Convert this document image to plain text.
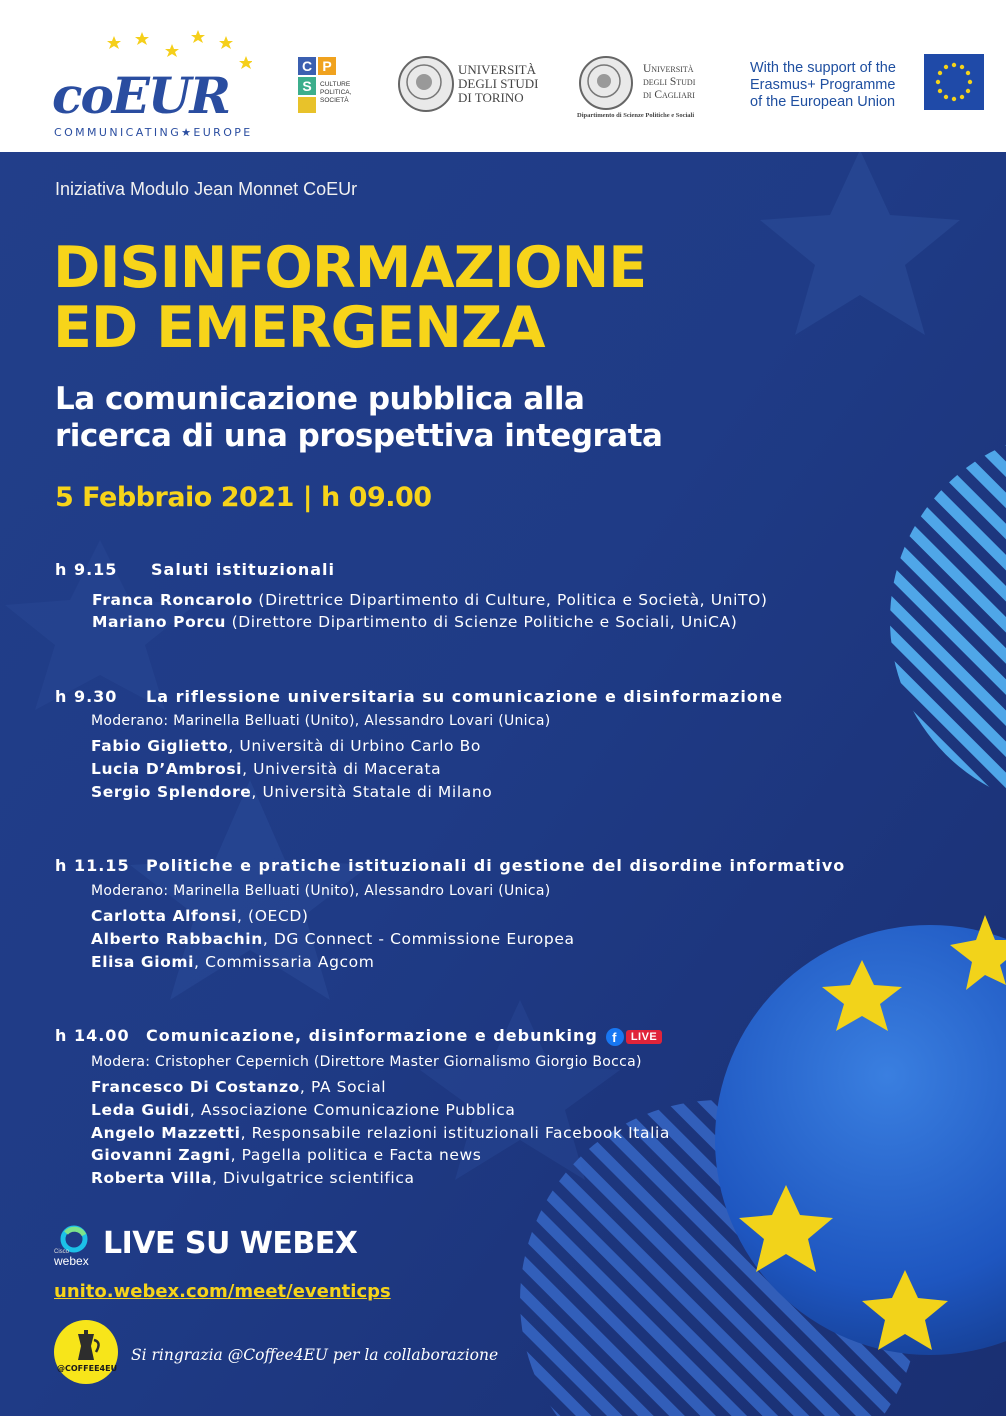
coEUR
COMMUNICATING★EUROPE
C P
S	CULTURE
POLITICA,
SOCIETÀ
UNIVERSITÀ
DEGLI STUDI
DI TORINO
Università
degli Studi
di Cagliari
Dipartimento di Scienze Politiche e Sociali
With the support of the
Erasmus+ Programme
of the European Union
Iniziativa Modulo Jean Monnet CoEUr
DISINFORMAZIONE
ED EMERGENZA
La comunicazione pubblica alla
ricerca di una prospettiva integrata
5 Febbraio 2021 | h 09.00
h 9.15 Saluti istituzionali
Franca Roncarolo (Direttrice Dipartimento di Culture, Politica e Società, UniTO)
Mariano Porcu (Direttore Dipartimento di Scienze Politiche e Sociali, UniCA)
h 9.30 La riflessione universitaria su comunicazione e disinformazione
Moderano: Marinella Belluati (Unito), Alessandro Lovari (Unica)
Fabio Giglietto, Università di Urbino Carlo Bo
Lucia D’Ambrosi, Università di Macerata
Sergio Splendore, Università Statale di Milano
h 11.15 Politiche e pratiche istituzionali di gestione del disordine informativo
Moderano: Marinella Belluati (Unito), Alessandro Lovari (Unica)
Carlotta Alfonsi, (OECD)
Alberto Rabbachin, DG Connect - Commissione Europea
Elisa Giomi, Commissaria Agcom
h 14.00 Comunicazione, disinformazione e debunking f LIVE
Modera: Cristopher Cepernich (Direttore Master Giornalismo Giorgio Bocca)
Francesco Di Costanzo, PA Social
Leda Guidi, Associazione Comunicazione Pubblica
Angelo Mazzetti, Responsabile relazioni istituzionali Facebook Italia
Giovanni Zagni, Pagella politica e Facta news
Roberta Villa, Divulgatrice scientifica
Cisco
webex LIVE SU WEBEX
unito.webex.com/meet/eventicps
@COFFEE4EU
Si ringrazia @Coffee4EU per la collaborazione
